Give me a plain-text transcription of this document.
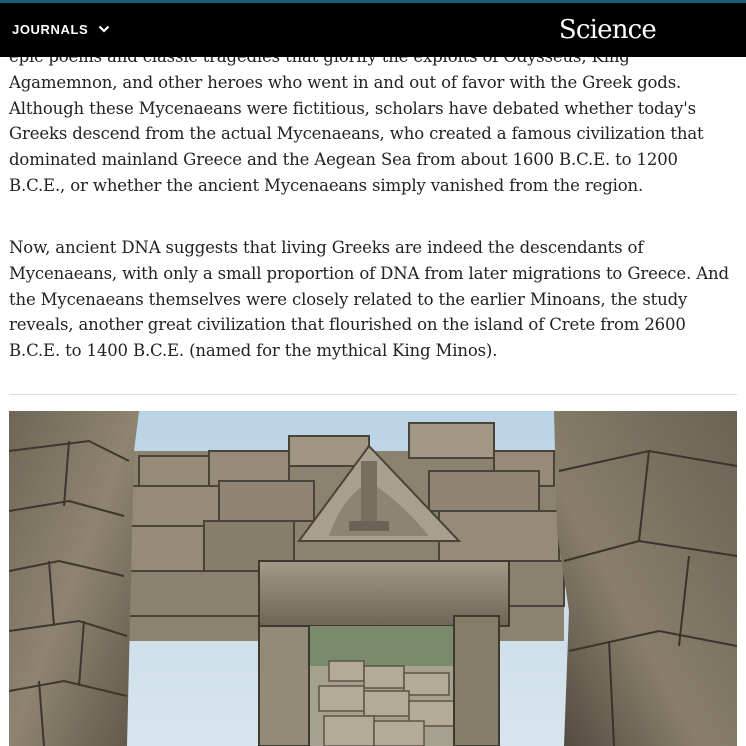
Agamemnon, and other heroes who went in and out of favor with the Greek gods. Although these Mycenaeans were fictitious, scholars have debated whether today's Greeks descend from the actual Mycenaeans, who created a famous civilization that dominated mainland Greece and the Aegean Sea from about 1600 B.C.E. to 1200 B.C.E., or whether the ancient Mycenaeans simply vanished from the region.

Now, ancient DNA suggests that living Greeks are indeed the descendants of Mycenaeans, with only a small proportion of DNA from later migrations to Greece. And the Mycenaeans themselves were closely related to the earlier Minoans, the study reveals, another great civilization that flourished on the island of Crete from 2600 B.C.E. to 1400 B.C.E. (named for the mythical King Minos).

JOURNALS	Science
